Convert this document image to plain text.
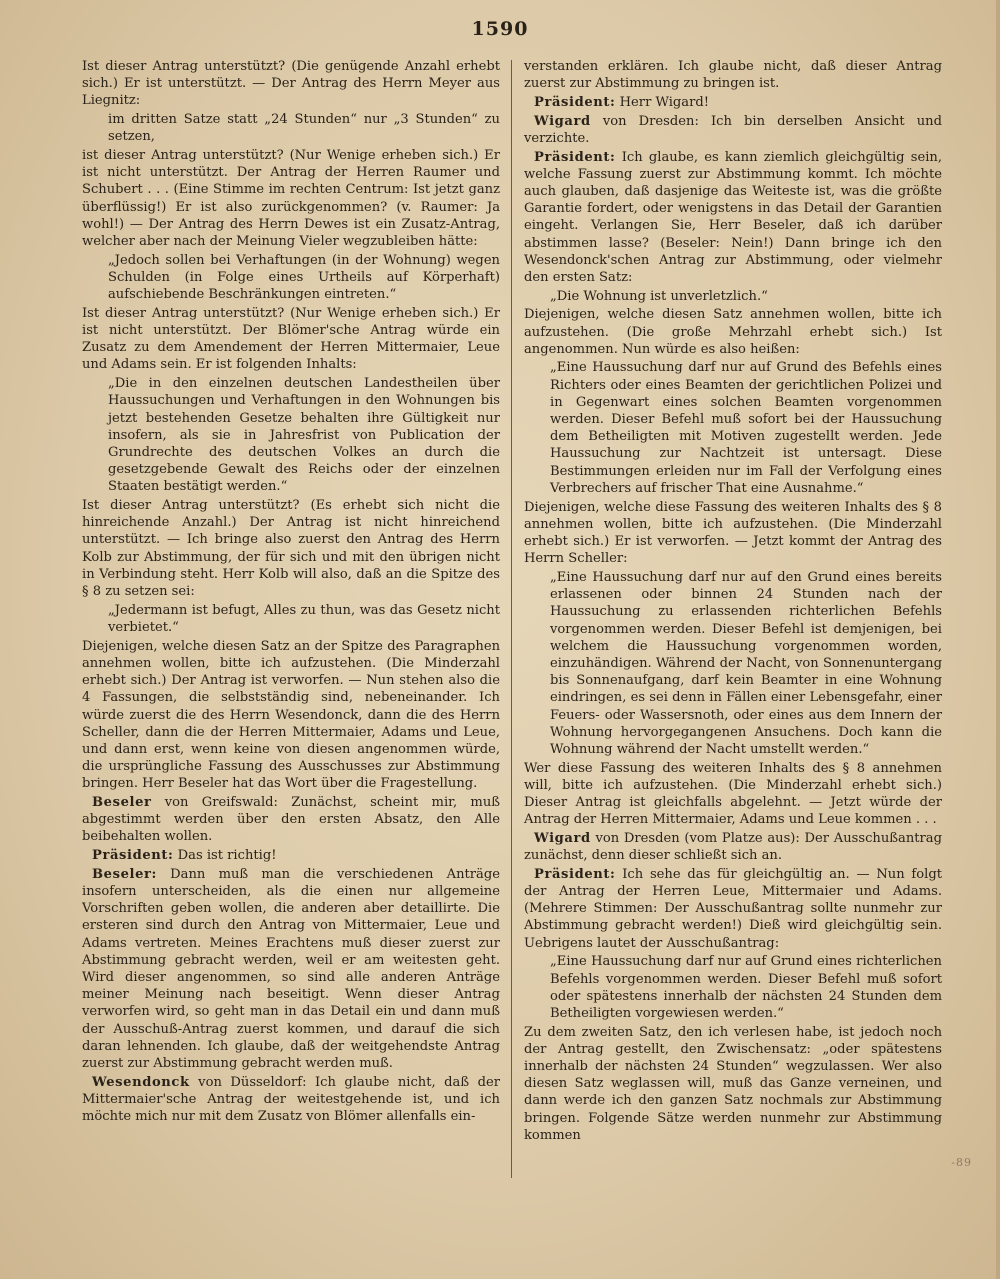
1590

Ist dieser Antrag unterstützt? (Die genügende Anzahl erhebt sich.) Er ist unterstützt. — Der Antrag des Herrn Meyer aus Liegnitz:

im dritten Satze statt „24 Stunden“ nur „3 Stunden“ zu setzen,

ist dieser Antrag unterstützt? (Nur Wenige erheben sich.) Er ist nicht unterstützt. Der Antrag der Herren Raumer und Schubert . . . (Eine Stimme im rechten Centrum: Ist jetzt ganz überflüssig!) Er ist also zurückgenommen? (v. Raumer: Ja wohl!) — Der Antrag des Herrn Dewes ist ein Zusatz-Antrag, welcher aber nach der Meinung Vieler wegzubleiben hätte:

„Jedoch sollen bei Verhaftungen (in der Wohnung) wegen Schulden (in Folge eines Urtheils auf Körperhaft) aufschiebende Beschränkungen eintreten.“

Ist dieser Antrag unterstützt? (Nur Wenige erheben sich.) Er ist nicht unterstützt. Der Blömer'sche Antrag würde ein Zusatz zu dem Amendement der Herren Mittermaier, Leue und Adams sein. Er ist folgenden Inhalts:

„Die in den einzelnen deutschen Landestheilen über Haussuchungen und Verhaftungen in den Wohnungen bis jetzt bestehenden Gesetze behalten ihre Gültigkeit nur insofern, als sie in Jahresfrist von Publication der Grundrechte des deutschen Volkes an durch die gesetzgebende Gewalt des Reichs oder der einzelnen Staaten bestätigt werden.“

Ist dieser Antrag unterstützt? (Es erhebt sich nicht die hinreichende Anzahl.) Der Antrag ist nicht hinreichend unterstützt. — Ich bringe also zuerst den Antrag des Herrn Kolb zur Abstimmung, der für sich und mit den übrigen nicht in Verbindung steht. Herr Kolb will also, daß an die Spitze des § 8 zu setzen sei:

„Jedermann ist befugt, Alles zu thun, was das Gesetz nicht verbietet.“

Diejenigen, welche diesen Satz an der Spitze des Paragraphen annehmen wollen, bitte ich aufzustehen. (Die Minderzahl erhebt sich.) Der Antrag ist verworfen. — Nun stehen also die 4 Fassungen, die selbstständig sind, nebeneinander. Ich würde zuerst die des Herrn Wesendonck, dann die des Herrn Scheller, dann die der Herren Mittermaier, Adams und Leue, und dann erst, wenn keine von diesen angenommen würde, die ursprüngliche Fassung des Ausschusses zur Abstimmung bringen. Herr Beseler hat das Wort über die Fragestellung.

Beseler von Greifswald: Zunächst, scheint mir, muß abgestimmt werden über den ersten Absatz, den Alle beibehalten wollen.

Präsident: Das ist richtig!

Beseler: Dann muß man die verschiedenen Anträge insofern unterscheiden, als die einen nur allgemeine Vorschriften geben wollen, die anderen aber detaillirte. Die ersteren sind durch den Antrag von Mittermaier, Leue und Adams vertreten. Meines Erachtens muß dieser zuerst zur Abstimmung gebracht werden, weil er am weitesten geht. Wird dieser angenommen, so sind alle anderen Anträge meiner Meinung nach beseitigt. Wenn dieser Antrag verworfen wird, so geht man in das Detail ein und dann muß der Ausschuß-Antrag zuerst kommen, und darauf die sich daran lehnenden. Ich glaube, daß der weitgehendste Antrag zuerst zur Abstimmung gebracht werden muß.

Wesendonck von Düsseldorf: Ich glaube nicht, daß der Mittermaier'sche Antrag der weitestgehende ist, und ich möchte mich nur mit dem Zusatz von Blömer allenfalls ein-

verstanden erklären. Ich glaube nicht, daß dieser Antrag zuerst zur Abstimmung zu bringen ist.

Präsident: Herr Wigard!

Wigard von Dresden: Ich bin derselben Ansicht und verzichte.

Präsident: Ich glaube, es kann ziemlich gleichgültig sein, welche Fassung zuerst zur Abstimmung kommt. Ich möchte auch glauben, daß dasjenige das Weiteste ist, was die größte Garantie fordert, oder wenigstens in das Detail der Garantien eingeht. Verlangen Sie, Herr Beseler, daß ich darüber abstimmen lasse? (Beseler: Nein!) Dann bringe ich den Wesendonck'schen Antrag zur Abstimmung, oder vielmehr den ersten Satz:

„Die Wohnung ist unverletzlich.“

Diejenigen, welche diesen Satz annehmen wollen, bitte ich aufzustehen. (Die große Mehrzahl erhebt sich.) Ist angenommen. Nun würde es also heißen:

„Eine Haussuchung darf nur auf Grund des Befehls eines Richters oder eines Beamten der gerichtlichen Polizei und in Gegenwart eines solchen Beamten vorgenommen werden. Dieser Befehl muß sofort bei der Haussuchung dem Betheiligten mit Motiven zugestellt werden. Jede Haussuchung zur Nachtzeit ist untersagt. Diese Bestimmungen erleiden nur im Fall der Verfolgung eines Verbrechers auf frischer That eine Ausnahme.“

Diejenigen, welche diese Fassung des weiteren Inhalts des § 8 annehmen wollen, bitte ich aufzustehen. (Die Minderzahl erhebt sich.) Er ist verworfen. — Jetzt kommt der Antrag des Herrn Scheller:

„Eine Haussuchung darf nur auf den Grund eines bereits erlassenen oder binnen 24 Stunden nach der Haussuchung zu erlassenden richterlichen Befehls vorgenommen werden. Dieser Befehl ist demjenigen, bei welchem die Haussuchung vorgenommen worden, einzuhändigen. Während der Nacht, von Sonnenuntergang bis Sonnenaufgang, darf kein Beamter in eine Wohnung eindringen, es sei denn in Fällen einer Lebensgefahr, einer Feuers- oder Wassersnoth, oder eines aus dem Innern der Wohnung hervorgegangenen Ansuchens. Doch kann die Wohnung während der Nacht umstellt werden.“

Wer diese Fassung des weiteren Inhalts des § 8 annehmen will, bitte ich aufzustehen. (Die Minderzahl erhebt sich.) Dieser Antrag ist gleichfalls abgelehnt. — Jetzt würde der Antrag der Herren Mittermaier, Adams und Leue kommen . . .

Wigard von Dresden (vom Platze aus): Der Ausschußantrag zunächst, denn dieser schließt sich an.

Präsident: Ich sehe das für gleichgültig an. — Nun folgt der Antrag der Herren Leue, Mittermaier und Adams. (Mehrere Stimmen: Der Ausschußantrag sollte nunmehr zur Abstimmung gebracht werden!) Dieß wird gleichgültig sein. Uebrigens lautet der Ausschußantrag:

„Eine Haussuchung darf nur auf Grund eines richterlichen Befehls vorgenommen werden. Dieser Befehl muß sofort oder spätestens innerhalb der nächsten 24 Stunden dem Betheiligten vorgewiesen werden.“

Zu dem zweiten Satz, den ich verlesen habe, ist jedoch noch der Antrag gestellt, den Zwischensatz: „oder spätestens innerhalb der nächsten 24 Stunden“ wegzulassen. Wer also diesen Satz weglassen will, muß das Ganze verneinen, und dann werde ich den ganzen Satz nochmals zur Abstimmung bringen. Folgende Sätze werden nunmehr zur Abstimmung kommen

-89
